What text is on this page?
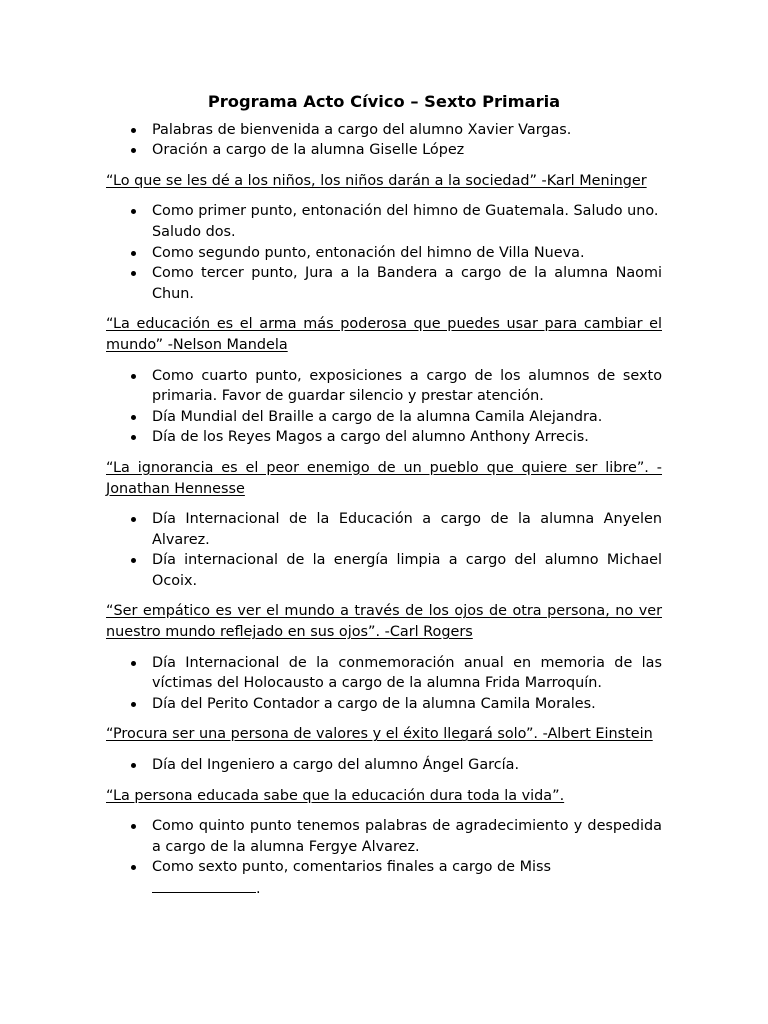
Programa Acto Cívico – Sexto Primaria
Palabras de bienvenida a cargo del alumno Xavier Vargas.
Oración a cargo de la alumna Giselle López
“Lo que se les dé a los niños, los niños darán a la sociedad” -Karl Meninger
Como primer punto, entonación del himno de Guatemala. Saludo uno.
Saludo dos.
Como segundo punto, entonación del himno de Villa Nueva.
Como tercer punto, Jura a la Bandera a cargo de la alumna Naomi Chun.
“La educación es el arma más poderosa que puedes usar para cambiar el mundo” -Nelson Mandela
Como cuarto punto, exposiciones a cargo de los alumnos de sexto primaria. Favor de guardar silencio y prestar atención.
Día Mundial del Braille a cargo de la alumna Camila Alejandra.
Día de los Reyes Magos a cargo del alumno Anthony Arrecis.
“La ignorancia es el peor enemigo de un pueblo que quiere ser libre”. -Jonathan Hennesse
Día Internacional de la Educación a cargo de la alumna Anyelen Alvarez.
Día internacional de la energía limpia a cargo del alumno Michael Ocoix.
“Ser empático es ver el mundo a través de los ojos de otra persona, no ver nuestro mundo reflejado en sus ojos”. -Carl Rogers
Día Internacional de la conmemoración anual en memoria de las víctimas del Holocausto a cargo de la alumna Frida Marroquín.
Día del Perito Contador a cargo de la alumna Camila Morales.
“Procura ser una persona de valores y el éxito llegará solo”. -Albert Einstein
Día del Ingeniero a cargo del alumno Ángel García.
“La persona educada sabe que la educación dura toda la vida”.
Como quinto punto tenemos palabras de agradecimiento y despedida a cargo de la alumna Fergye Alvarez.
Como sexto punto, comentarios finales a cargo de Miss
.
